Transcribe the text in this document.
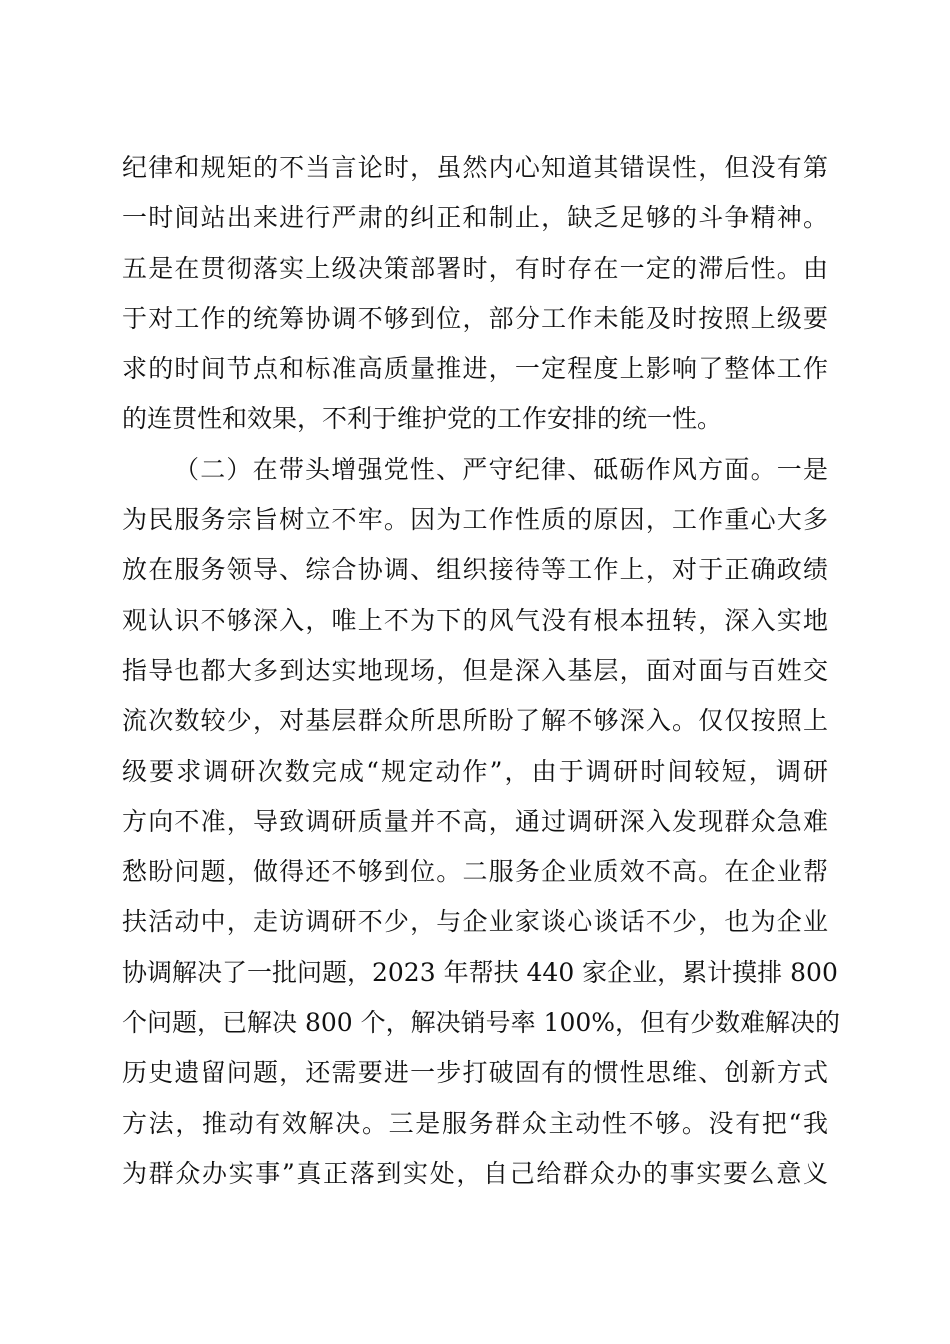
纪律和规矩的不当言论时，虽然内心知道其错误性，但没有第
一时间站出来进行严肃的纠正和制止，缺乏足够的斗争精神。
五是在贯彻落实上级决策部署时，有时存在一定的滞后性。由
于对工作的统筹协调不够到位，部分工作未能及时按照上级要
求的时间节点和标准高质量推进，一定程度上影响了整体工作
的连贯性和效果，不利于维护党的工作安排的统一性。
（二）在带头增强党性、严守纪律、砥砺作风方面。一是
为民服务宗旨树立不牢。因为工作性质的原因，工作重心大多
放在服务领导、综合协调、组织接待等工作上，对于正确政绩
观认识不够深入，唯上不为下的风气没有根本扭转，深入实地
指导也都大多到达实地现场，但是深入基层，面对面与百姓交
流次数较少，对基层群众所思所盼了解不够深入。仅仅按照上
级要求调研次数完成“规定动作”，由于调研时间较短，调研
方向不准，导致调研质量并不高，通过调研深入发现群众急难
愁盼问题，做得还不够到位。二服务企业质效不高。在企业帮
扶活动中，走访调研不少，与企业家谈心谈话不少，也为企业
协调解决了一批问题，2023 年帮扶 440 家企业，累计摸排 800
个问题，已解决 800 个，解决销号率 100%，但有少数难解决的
历史遗留问题，还需要进一步打破固有的惯性思维、创新方式
方法，推动有效解决。三是服务群众主动性不够。没有把“我
为群众办实事”真正落到实处，自己给群众办的事实要么意义
